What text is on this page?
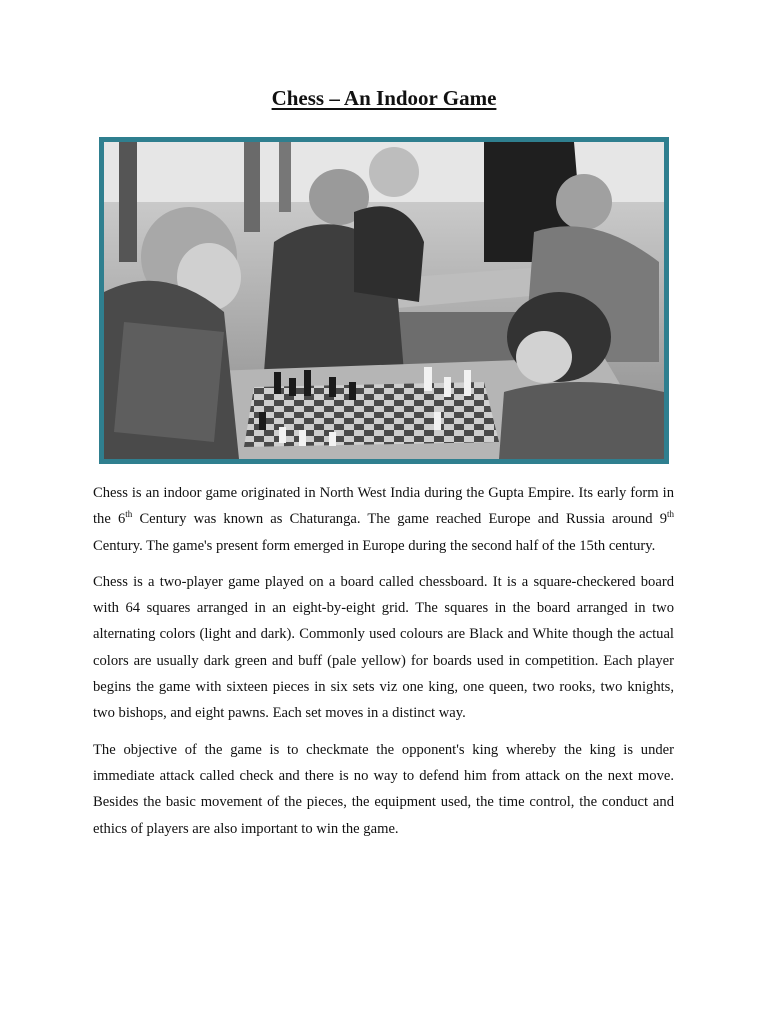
Chess – An Indoor Game

Chess is an indoor game originated in North West India during the Gupta Empire. Its early form in the 6th Century was known as Chaturanga. The game reached Europe and Russia around 9th Century. The game's present form emerged in Europe during the second half of the 15th century.

Chess is a two-player game played on a board called chessboard. It is a square-checkered board with 64 squares arranged in an eight-by-eight grid. The squares in the board arranged in two alternating colors (light and dark). Commonly used colours are Black and White though the actual colors are usually dark green and buff (pale yellow) for boards used in competition. Each player begins the game with sixteen pieces in six sets viz one king, one queen, two rooks, two knights, two bishops, and eight pawns. Each set moves in a distinct way.

The objective of the game is to checkmate the opponent's king whereby the king is under immediate attack called check and there is no way to defend him from attack on the next move. Besides the basic movement of the pieces, the equipment used, the time control, the conduct and ethics of players are also important to win the game.
